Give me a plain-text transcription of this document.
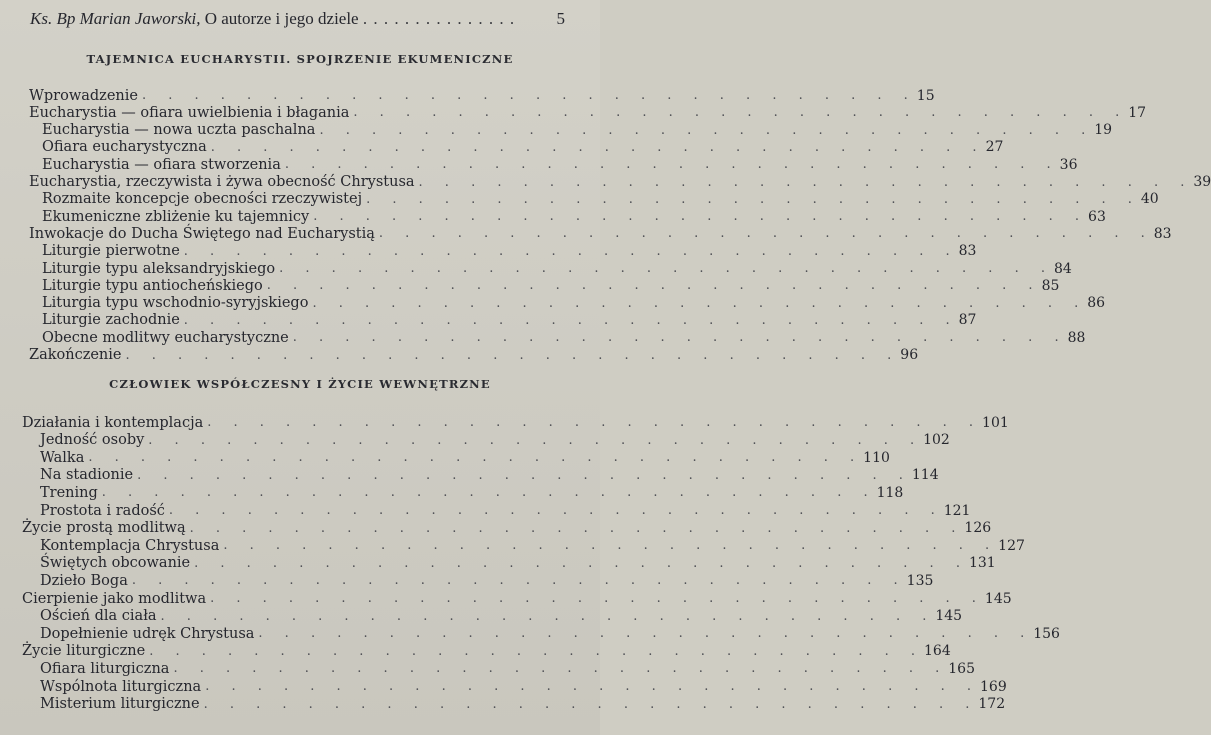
Ks. Bp Marian Jaworski, O autorze i jego dziele . . . . . . . . . . . . . . .	5
TAJEMNICA EUCHARYSTII. SPOJRZENIE EKUMENICZNE
Wprowadzenie . . . . . . . . . . . . . . . . . . . . . . . . . . . . . . 15
Eucharystia — ofiara uwielbienia i błagania . . . . . . . . . . . . . . . . . . . . . . . . . . . . . . 17
Eucharystia — nowa uczta paschalna . . . . . . . . . . . . . . . . . . . . . . . . . . . . . . 19
Ofiara eucharystyczna . . . . . . . . . . . . . . . . . . . . . . . . . . . . . . 27
Eucharystia — ofiara stworzenia . . . . . . . . . . . . . . . . . . . . . . . . . . . . . . 36
Eucharystia, rzeczywista i żywa obecność Chrystusa . . . . . . . . . . . . . . . . . . . . . . . . . . . . . . 39
Rozmaite koncepcje obecności rzeczywistej . . . . . . . . . . . . . . . . . . . . . . . . . . . . . . 40
Ekumeniczne zbliżenie ku tajemnicy . . . . . . . . . . . . . . . . . . . . . . . . . . . . . . 63
Inwokacje do Ducha Świętego nad Eucharystią . . . . . . . . . . . . . . . . . . . . . . . . . . . . . . 83
Liturgie pierwotne . . . . . . . . . . . . . . . . . . . . . . . . . . . . . . 83
Liturgie typu aleksandryjskiego . . . . . . . . . . . . . . . . . . . . . . . . . . . . . . 84
Liturgie typu antiocheńskiego . . . . . . . . . . . . . . . . . . . . . . . . . . . . . . 85
Liturgia typu wschodnio-syryjskiego . . . . . . . . . . . . . . . . . . . . . . . . . . . . . . 86
Liturgie zachodnie . . . . . . . . . . . . . . . . . . . . . . . . . . . . . . 87
Obecne modlitwy eucharystyczne . . . . . . . . . . . . . . . . . . . . . . . . . . . . . . 88
Zakończenie . . . . . . . . . . . . . . . . . . . . . . . . . . . . . . 96
CZŁOWIEK WSPÓŁCZESNY I ŻYCIE WEWNĘTRZNE
Działania i kontemplacja . . . . . . . . . . . . . . . . . . . . . . . . . . . . . . 101
Jedność osoby . . . . . . . . . . . . . . . . . . . . . . . . . . . . . . 102
Walka . . . . . . . . . . . . . . . . . . . . . . . . . . . . . . 110
Na stadionie . . . . . . . . . . . . . . . . . . . . . . . . . . . . . . 114
Trening . . . . . . . . . . . . . . . . . . . . . . . . . . . . . . 118
Prostota i radość . . . . . . . . . . . . . . . . . . . . . . . . . . . . . . 121
Życie prostą modlitwą . . . . . . . . . . . . . . . . . . . . . . . . . . . . . . 126
Kontemplacja Chrystusa . . . . . . . . . . . . . . . . . . . . . . . . . . . . . . 127
Świętych obcowanie . . . . . . . . . . . . . . . . . . . . . . . . . . . . . . 131
Dzieło Boga . . . . . . . . . . . . . . . . . . . . . . . . . . . . . . 135
Cierpienie jako modlitwa . . . . . . . . . . . . . . . . . . . . . . . . . . . . . . 145
Oścień dla ciała . . . . . . . . . . . . . . . . . . . . . . . . . . . . . . 145
Dopełnienie udręk Chrystusa . . . . . . . . . . . . . . . . . . . . . . . . . . . . . . 156
Życie liturgiczne . . . . . . . . . . . . . . . . . . . . . . . . . . . . . . 164
Ofiara liturgiczna . . . . . . . . . . . . . . . . . . . . . . . . . . . . . . 165
Wspólnota liturgiczna . . . . . . . . . . . . . . . . . . . . . . . . . . . . . . 169
Misterium liturgiczne . . . . . . . . . . . . . . . . . . . . . . . . . . . . . . 172
